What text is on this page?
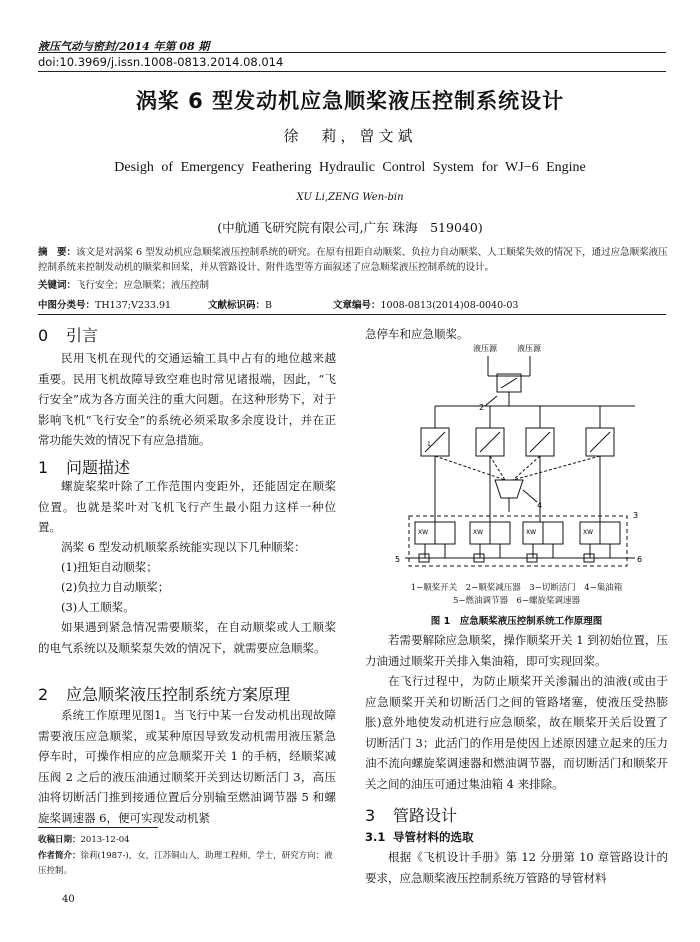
液压气动与密封/2014 年第 08 期
doi:10.3969/j.issn.1008-0813.2014.08.014
涡桨 6 型发动机应急顺桨液压控制系统设计
徐　莉，曾文斌
Desigh of Emergency Feathering Hydraulic Control System for WJ−6 Engine
XU Li,ZENG Wen-bin
(中航通飞研究院有限公司,广东 珠海　519040)
摘　要：该文是对涡桨 6 型发动机应急顺桨液压控制系统的研究。在原有扭距自动顺桨、负拉力自动顺桨、人工顺桨失效的情况下，通过应急顺桨液压控制系统来控制发动机的顺桨和回桨，并从管路设计、附件选型等方面叙述了应急顺桨液压控制系统的设计。
关键词：飞行安全；应急顺桨；液压控制
中图分类号：TH137;V233.91	文献标识码：B	文章编号：1008-0813(2014)08-0040-03
0 引言
民用飞机在现代的交通运输工具中占有的地位越来越重要。民用飞机故障导致空难也时常见诸报端，因此，“飞行安全”成为各方面关注的重大问题。在这种形势下，对于影响飞机“飞行安全”的系统必须采取多余度设计，并在正常功能失效的情况下有应急措施。
1 问题描述
螺旋桨桨叶除了工作范围内变距外，还能固定在顺桨位置。也就是桨叶对飞机飞行产生最小阻力这样一种位置。
涡桨 6 型发动机顺桨系统能实现以下几种顺桨：
(1)扭矩自动顺桨；
(2)负拉力自动顺桨；
(3)人工顺桨。
如果遇到紧急情况需要顺桨，在自动顺桨或人工顺桨的电气系统以及顺桨泵失效的情况下，就需要应急顺桨。
2 应急顺桨液压控制系统方案原理
系统工作原理见图1。当飞行中某一台发动机出现故障需要液压应急顺桨，或某种原因导致发动机需用液压紧急停车时，可操作相应的应急顺桨开关 1 的手柄，经顺桨减压阀 2 之后的液压油通过顺桨开关到达切断活门 3，高压油将切断活门推到接通位置后分别输至燃油调节器 5 和螺旋桨调速器 6，便可实现发动机紧
收稿日期：2013-12-04
作者简介：徐莉(1987-)，女，江苏铜山人，助理工程师，学士，研究方向：液压控制。
40
急停车和应急顺桨。
液压源	液压源
1
2
3
4
5	6
XW	XW	XW	XW
1−顺桨开关　2−顺桨减压器　3−切断活门　4−集油箱
5−燃油调节器　6−螺旋桨调速器
图 1　应急顺桨液压控制系统工作原理图
若需要解除应急顺桨，操作顺桨开关 1 到初始位置，压力油通过顺桨开关排入集油箱，即可实现回桨。
在飞行过程中，为防止顺桨开关渗漏出的油液(或由于应急顺桨开关和切断活门之间的管路堵塞，使液压受热膨胀)意外地使发动机进行应急顺桨，故在顺桨开关后设置了切断活门 3；此活门的作用是使因上述原因建立起来的压力油不流向螺旋桨调速器和燃油调节器，而切断活门和顺桨开关之间的油压可通过集油箱 4 来排除。
3 管路设计
3.1 导管材料的选取
根据《飞机设计手册》第 12 分册第 10 章管路设计的要求，应急顺桨液压控制系统万管路的导管材料
